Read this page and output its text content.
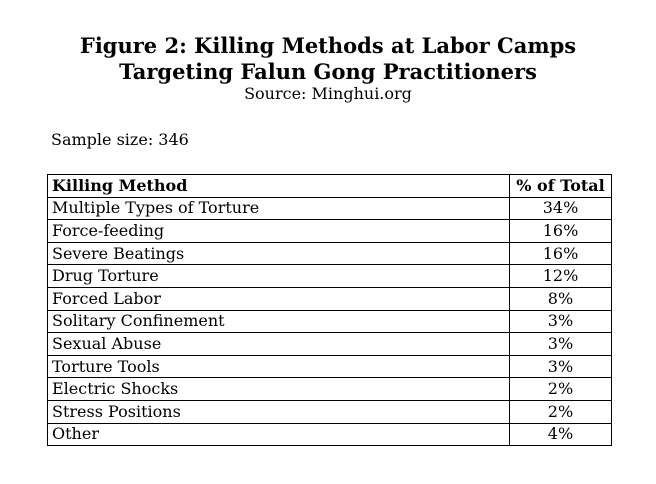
Figure 2: Killing Methods at Labor Camps
Targeting Falun Gong Practitioners
Source: Minghui.org
Sample size: 346
Killing Method	% of Total
Multiple Types of Torture	34%
Force-feeding	16%
Severe Beatings	16%
Drug Torture	12%
Forced Labor	8%
Solitary Confinement	3%
Sexual Abuse	3%
Torture Tools	3%
Electric Shocks	2%
Stress Positions	2%
Other	4%
